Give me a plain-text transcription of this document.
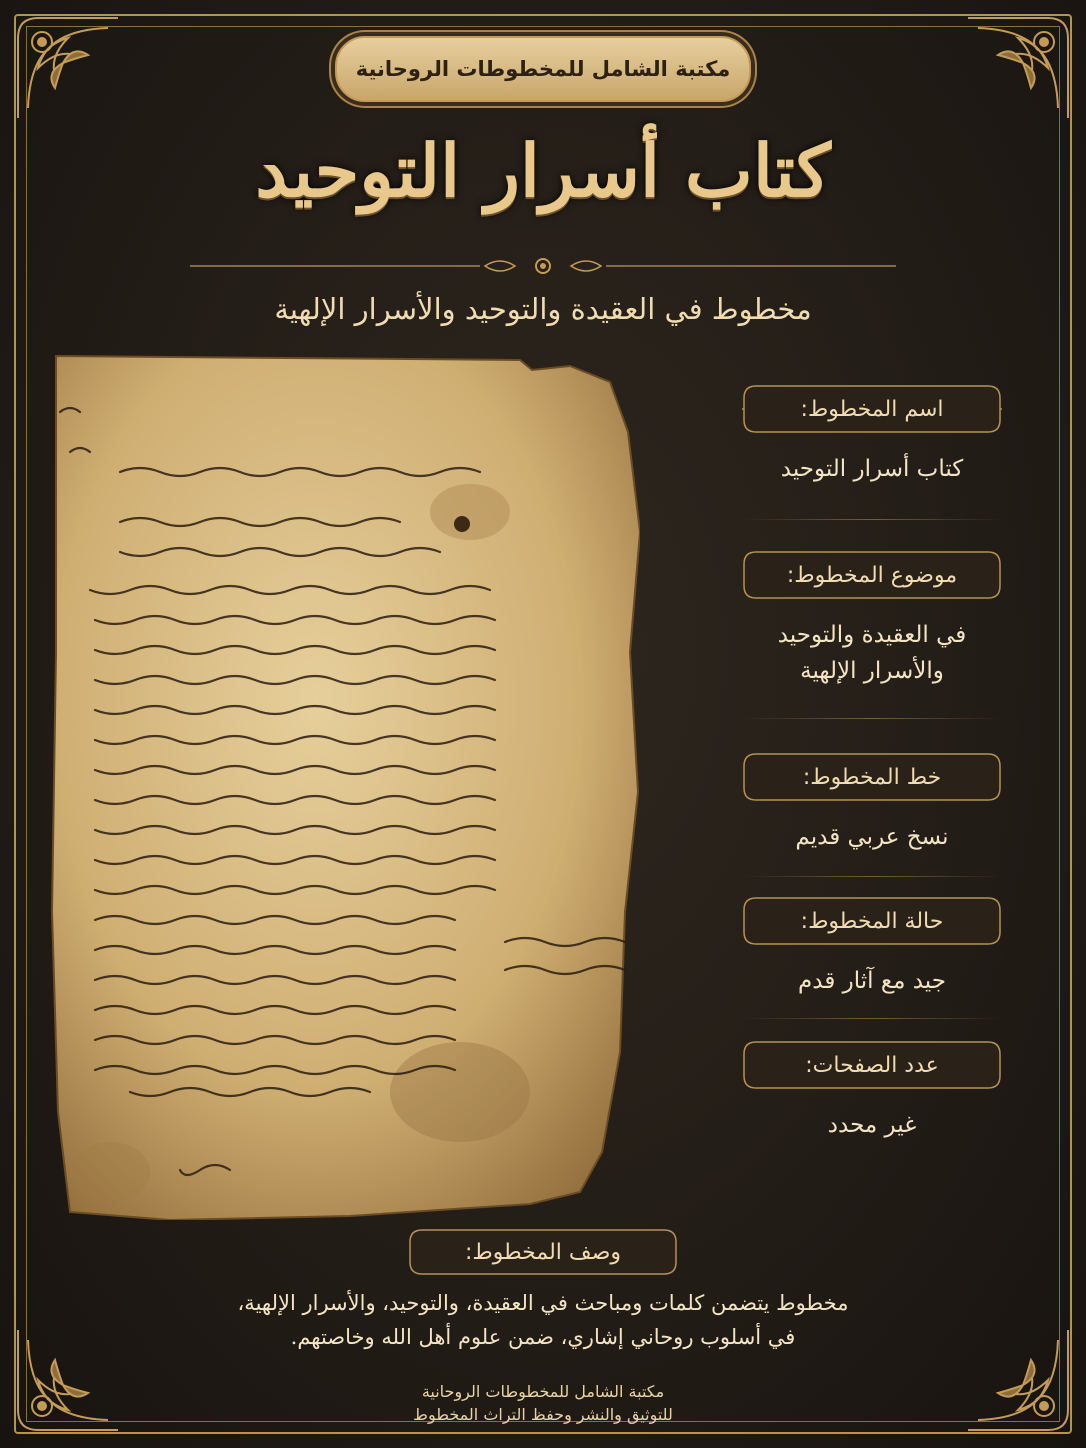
مكتبة الشامل للمخطوطات الروحانية
كتاب أسرار التوحيد
مخطوط في العقيدة والتوحيد والأسرار الإلهية
اسم المخطوط:
كتاب أسرار التوحيد
موضوع المخطوط:
في العقيدة والتوحيد والأسرار الإلهية
خط المخطوط:
نسخ عربي قديم
حالة المخطوط:
جيد مع آثار قدم
عدد الصفحات:
غير محدد
وصف المخطوط:
مخطوط يتضمن كلمات ومباحث في العقيدة، والتوحيد، والأسرار الإلهية،
في أسلوب روحاني إشاري، ضمن علوم أهل الله وخاصتهم.
مكتبة الشامل للمخطوطات الروحانية
للتوثيق والنشر وحفظ التراث المخطوط
